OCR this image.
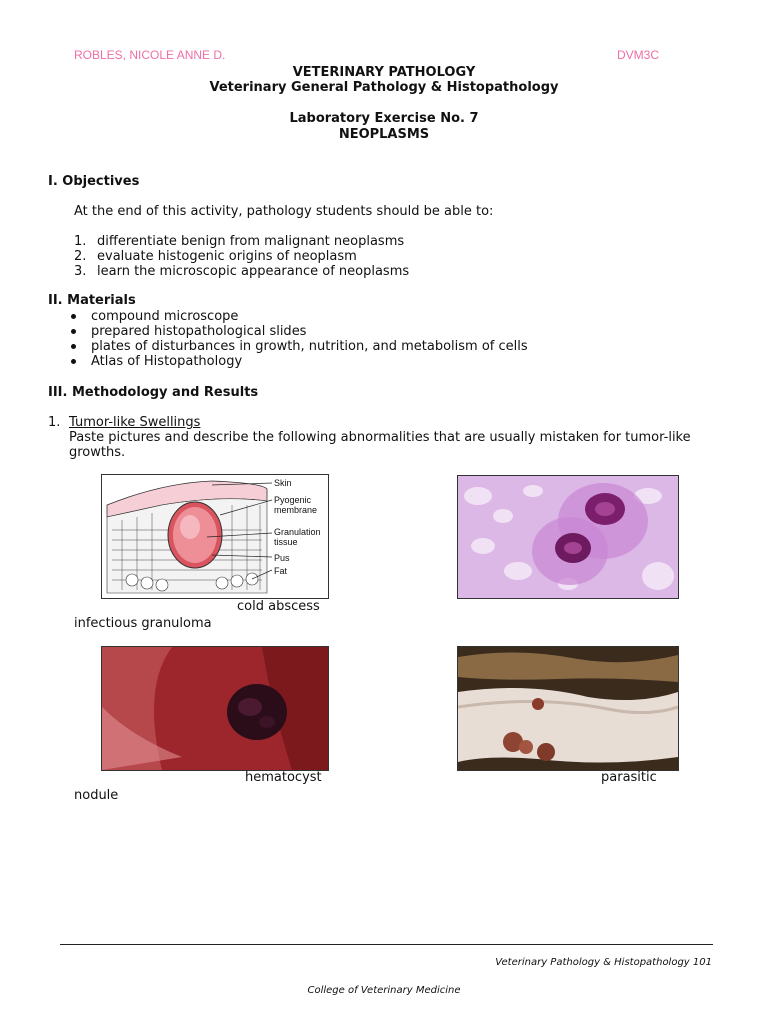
ROBLES, NICOLE ANNE D.	DVM3C
VETERINARY PATHOLOGY
Veterinary General Pathology & Histopathology
Laboratory Exercise No. 7
NEOPLASMS
I. Objectives
At the end of this activity, pathology students should be able to:
1. differentiate benign from malignant neoplasms
2. evaluate histogenic origins of neoplasm
3. learn the microscopic appearance of neoplasms
II. Materials
compound microscope
prepared histopathological slides
plates of disturbances in growth, nutrition, and metabolism of cells
Atlas of Histopathology
III. Methodology and Results
1. Tumor-like Swellings
Paste pictures and describe the following abnormalities that are usually mistaken for tumor-like
growths.
Skin
Pyogenic membrane
Granulation tissue
Pus
Fat
cold abscess
infectious granuloma
hematocyst	parasitic
nodule
Veterinary Pathology & Histopathology 101
College of Veterinary Medicine
